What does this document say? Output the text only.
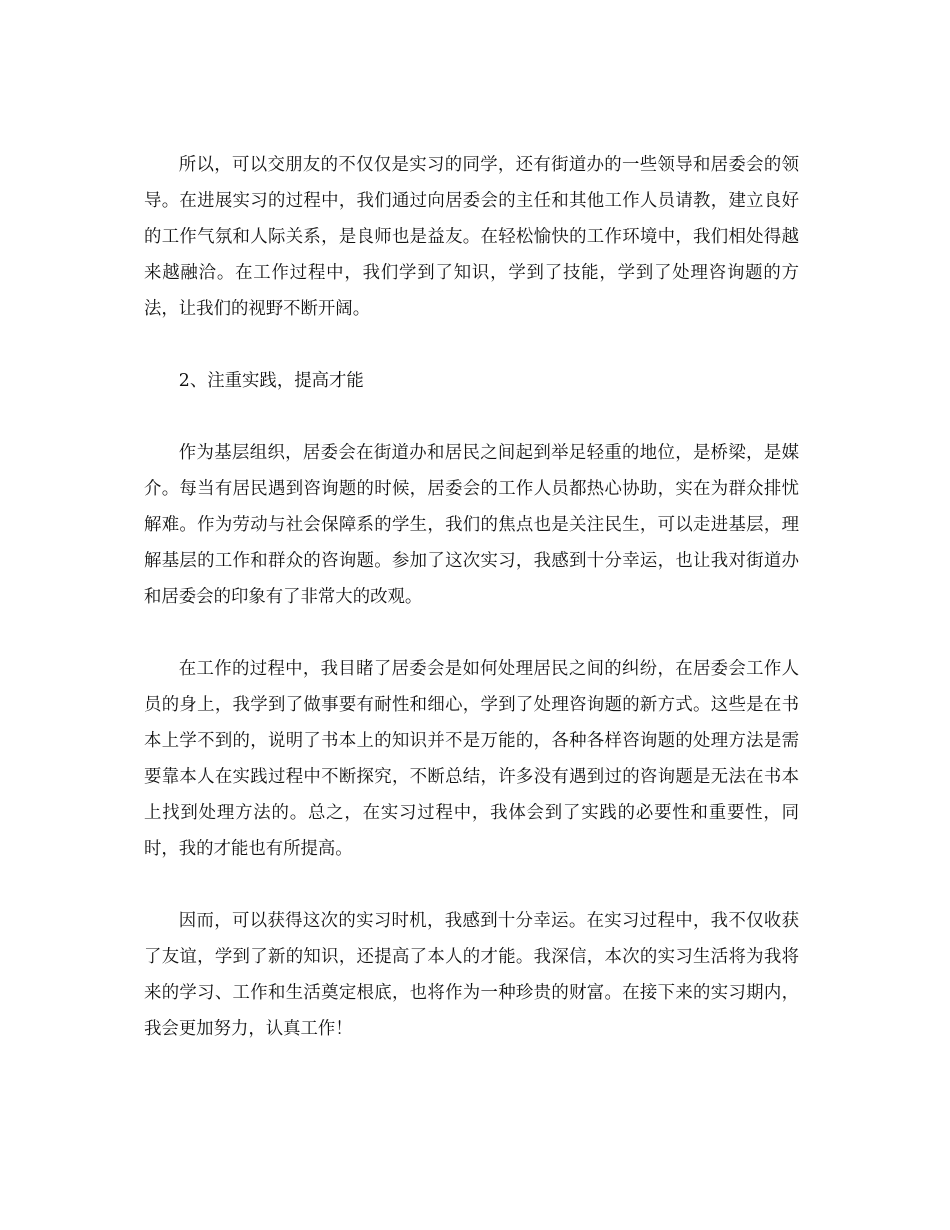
所以，可以交朋友的不仅仅是实习的同学，还有街道办的一些领导和居委会的领导。在进展实习的过程中，我们通过向居委会的主任和其他工作人员请教，建立良好的工作气氛和人际关系，是良师也是益友。在轻松愉快的工作环境中，我们相处得越来越融洽。在工作过程中，我们学到了知识，学到了技能，学到了处理咨询题的方法，让我们的视野不断开阔。

2、注重实践，提高才能

作为基层组织，居委会在街道办和居民之间起到举足轻重的地位，是桥梁，是媒介。每当有居民遇到咨询题的时候，居委会的工作人员都热心协助，实在为群众排忧解难。作为劳动与社会保障系的学生，我们的焦点也是关注民生，可以走进基层，理解基层的工作和群众的咨询题。参加了这次实习，我感到十分幸运，也让我对街道办和居委会的印象有了非常大的改观。

在工作的过程中，我目睹了居委会是如何处理居民之间的纠纷，在居委会工作人员的身上，我学到了做事要有耐性和细心，学到了处理咨询题的新方式。这些是在书本上学不到的，说明了书本上的知识并不是万能的，各种各样咨询题的处理方法是需要靠本人在实践过程中不断探究，不断总结，许多没有遇到过的咨询题是无法在书本上找到处理方法的。总之，在实习过程中，我体会到了实践的必要性和重要性，同时，我的才能也有所提高。

因而，可以获得这次的实习时机，我感到十分幸运。在实习过程中，我不仅收获了友谊，学到了新的知识，还提高了本人的才能。我深信，本次的实习生活将为我将来的学习、工作和生活奠定根底，也将作为一种珍贵的财富。在接下来的实习期内，我会更加努力，认真工作！
